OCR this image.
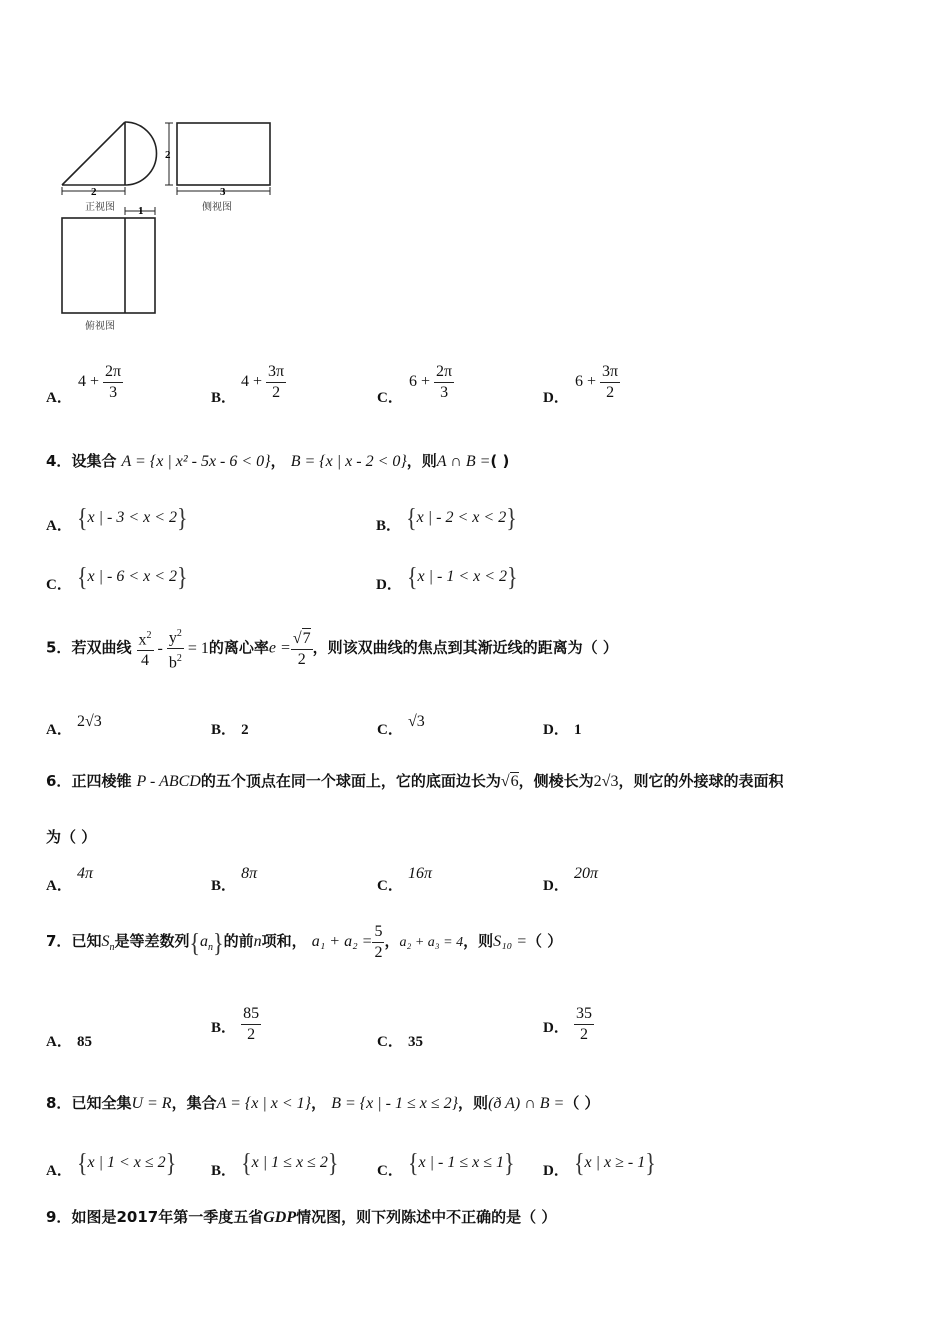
2
正视图
2
3
侧视图
1
俯视图
A．
$4 + \frac{2\pi}{3}$	B．
$4 + \frac{3\pi}{2}$	C．
$6 + \frac{2\pi}{3}$	D．
$6 + \frac{3\pi}{2}$
4．设集合 A = {x | x² - 5x - 6 < 0}， B = {x | x - 2 < 0}，则A ∩ B =( )
A． {x | - 3 < x < 2}	B． {x | - 2 < x < 2}
C． {x | - 6 < x < 2}	D． {x | - 1 < x < 2}
5．若双曲线 $\frac{x^2}{4} - \frac{y^2}{b^2} = 1$的离心率$e = \frac{√7}{2}$ ，则该双曲线的焦点到其渐近线的距离为（ ）
A． 2√3	B． 2	C． √3	D． 1
6．正四棱锥 P - ABCD的五个顶点在同一个球面上，它的底面边长为√6，侧棱长为2√3，则它的外接球的表面积
为（ ）
A． 4π
B． 8π
C． 16π
D． 20π
7．已知$S_n$是等差数列$\{a_n\}$的前n项和， $a_1 + a_2 = \frac{5}{2}$ ，a₂ + a₃ = 4，则S₁₀ =（ ）
A． 85
B． $\frac{85}{2}$	C． 35
D． $\frac{35}{2}$
8．已知全集U = R，集合A = {x | x < 1}， B = {x | - 1 ≤ x ≤ 2}，则(ð A) ∩ B =（ ）
A． {x | 1 < x ≤ 2} B． {x | 1 ≤ x ≤ 2}	C． {x | - 1 ≤ x ≤ 1} D． {x | x ≥ - 1}
9．如图是2017年第一季度五省GDP情况图，则下列陈述中不正确的是（ ）
